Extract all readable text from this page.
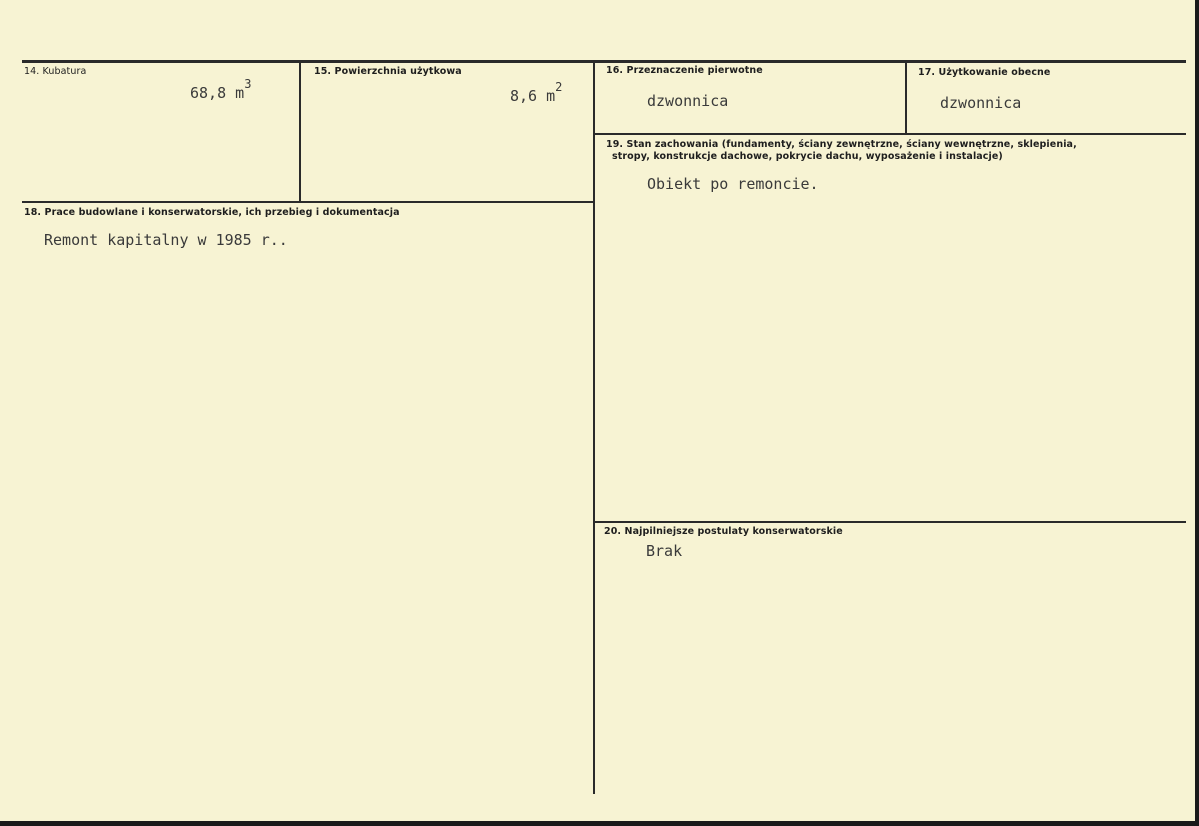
14. Kubatura
68,8 $m^3$
15. Powierzchnia użytkowa
8,6 $m^2$
16. Przeznaczenie pierwotne
dzwonnica
17. Użytkowanie obecne
dzwonnica
19. Stan zachowania (fundamenty, ściany zewnętrzne, ściany wewnętrzne, sklepienia,
stropy, konstrukcje dachowe, pokrycie dachu, wyposażenie i instalacje)
Obiekt po remoncie.
18. Prace budowlane i konserwatorskie, ich przebieg i dokumentacja
Remont kapitalny w 1985 r..
20. Najpilniejsze postulaty konserwatorskie
Brak
